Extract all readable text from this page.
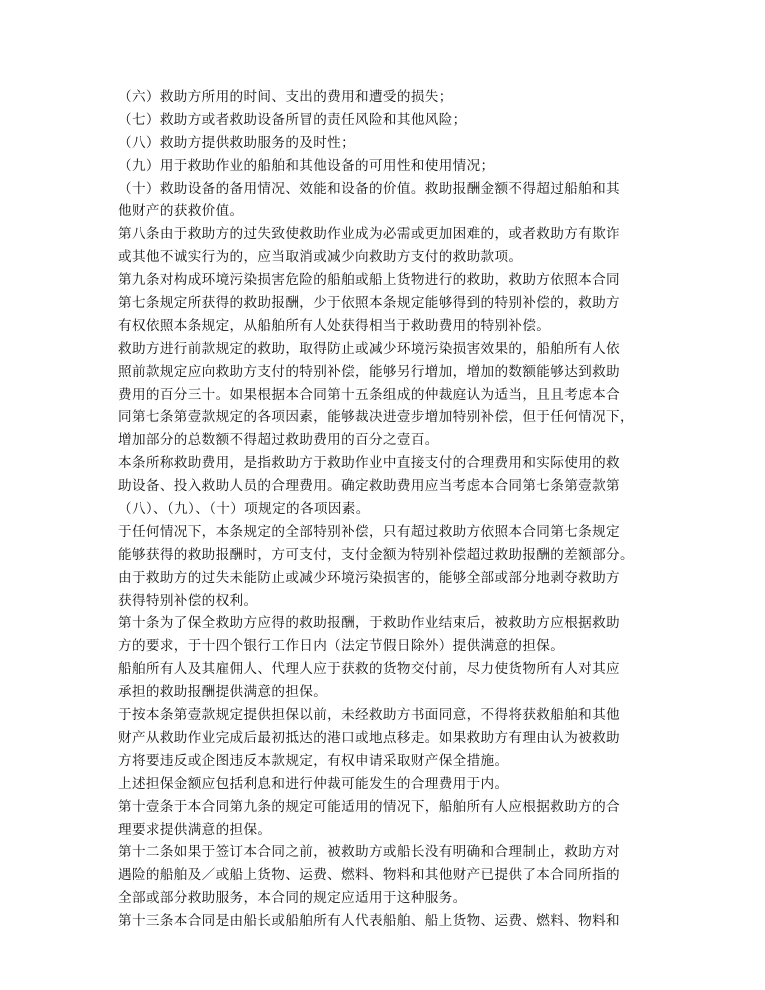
（六）救助方所用的时间、支出的费用和遭受的损失；
（七）救助方或者救助设备所冒的责任风险和其他风险；
（八）救助方提供救助服务的及时性；
（九）用于救助作业的船舶和其他设备的可用性和使用情况；
（十）救助设备的备用情况、效能和设备的价值。救助报酬金额不得超过船舶和其
他财产的获救价值。
第八条由于救助方的过失致使救助作业成为必需或更加困难的，或者救助方有欺诈
或其他不诚实行为的，应当取消或减少向救助方支付的救助款项。
第九条对构成环境污染损害危险的船舶或船上货物进行的救助，救助方依照本合同
第七条规定所获得的救助报酬，少于依照本条规定能够得到的特别补偿的，救助方
有权依照本条规定，从船舶所有人处获得相当于救助费用的特别补偿。
救助方进行前款规定的救助，取得防止或减少环境污染损害效果的，船舶所有人依
照前款规定应向救助方支付的特别补偿，能够另行增加，增加的数额能够达到救助
费用的百分三十。如果根据本合同第十五条组成的仲裁庭认为适当，且且考虑本合
同第七条第壹款规定的各项因素，能够裁决进壹步增加特别补偿，但于任何情况下，
增加部分的总数额不得超过救助费用的百分之壹百。
本条所称救助费用，是指救助方于救助作业中直接支付的合理费用和实际使用的救
助设备、投入救助人员的合理费用。确定救助费用应当考虑本合同第七条第壹款第
（八）、（九）、（十）项规定的各项因素。
于任何情况下，本条规定的全部特别补偿，只有超过救助方依照本合同第七条规定
能够获得的救助报酬时，方可支付，支付金额为特别补偿超过救助报酬的差额部分。
由于救助方的过失未能防止或减少环境污染损害的，能够全部或部分地剥夺救助方
获得特别补偿的权利。
第十条为了保全救助方应得的救助报酬，于救助作业结束后，被救助方应根据救助
方的要求，于十四个银行工作日内（法定节假日除外）提供满意的担保。
船舶所有人及其雇佣人、代理人应于获救的货物交付前，尽力使货物所有人对其应
承担的救助报酬提供满意的担保。
于按本条第壹款规定提供担保以前，未经救助方书面同意，不得将获救船舶和其他
财产从救助作业完成后最初抵达的港口或地点移走。如果救助方有理由认为被救助
方将要违反或企图违反本款规定，有权申请采取财产保全措施。
上述担保金额应包括利息和进行仲裁可能发生的合理费用于内。
第十壹条于本合同第九条的规定可能适用的情况下，船舶所有人应根据救助方的合
理要求提供满意的担保。
第十二条如果于签订本合同之前，被救助方或船长没有明确和合理制止，救助方对
遇险的船舶及／或船上货物、运费、燃料、物料和其他财产已提供了本合同所指的
全部或部分救助服务，本合同的规定应适用于这种服务。
第十三条本合同是由船长或船舶所有人代表船舶、船上货物、运费、燃料、物料和
